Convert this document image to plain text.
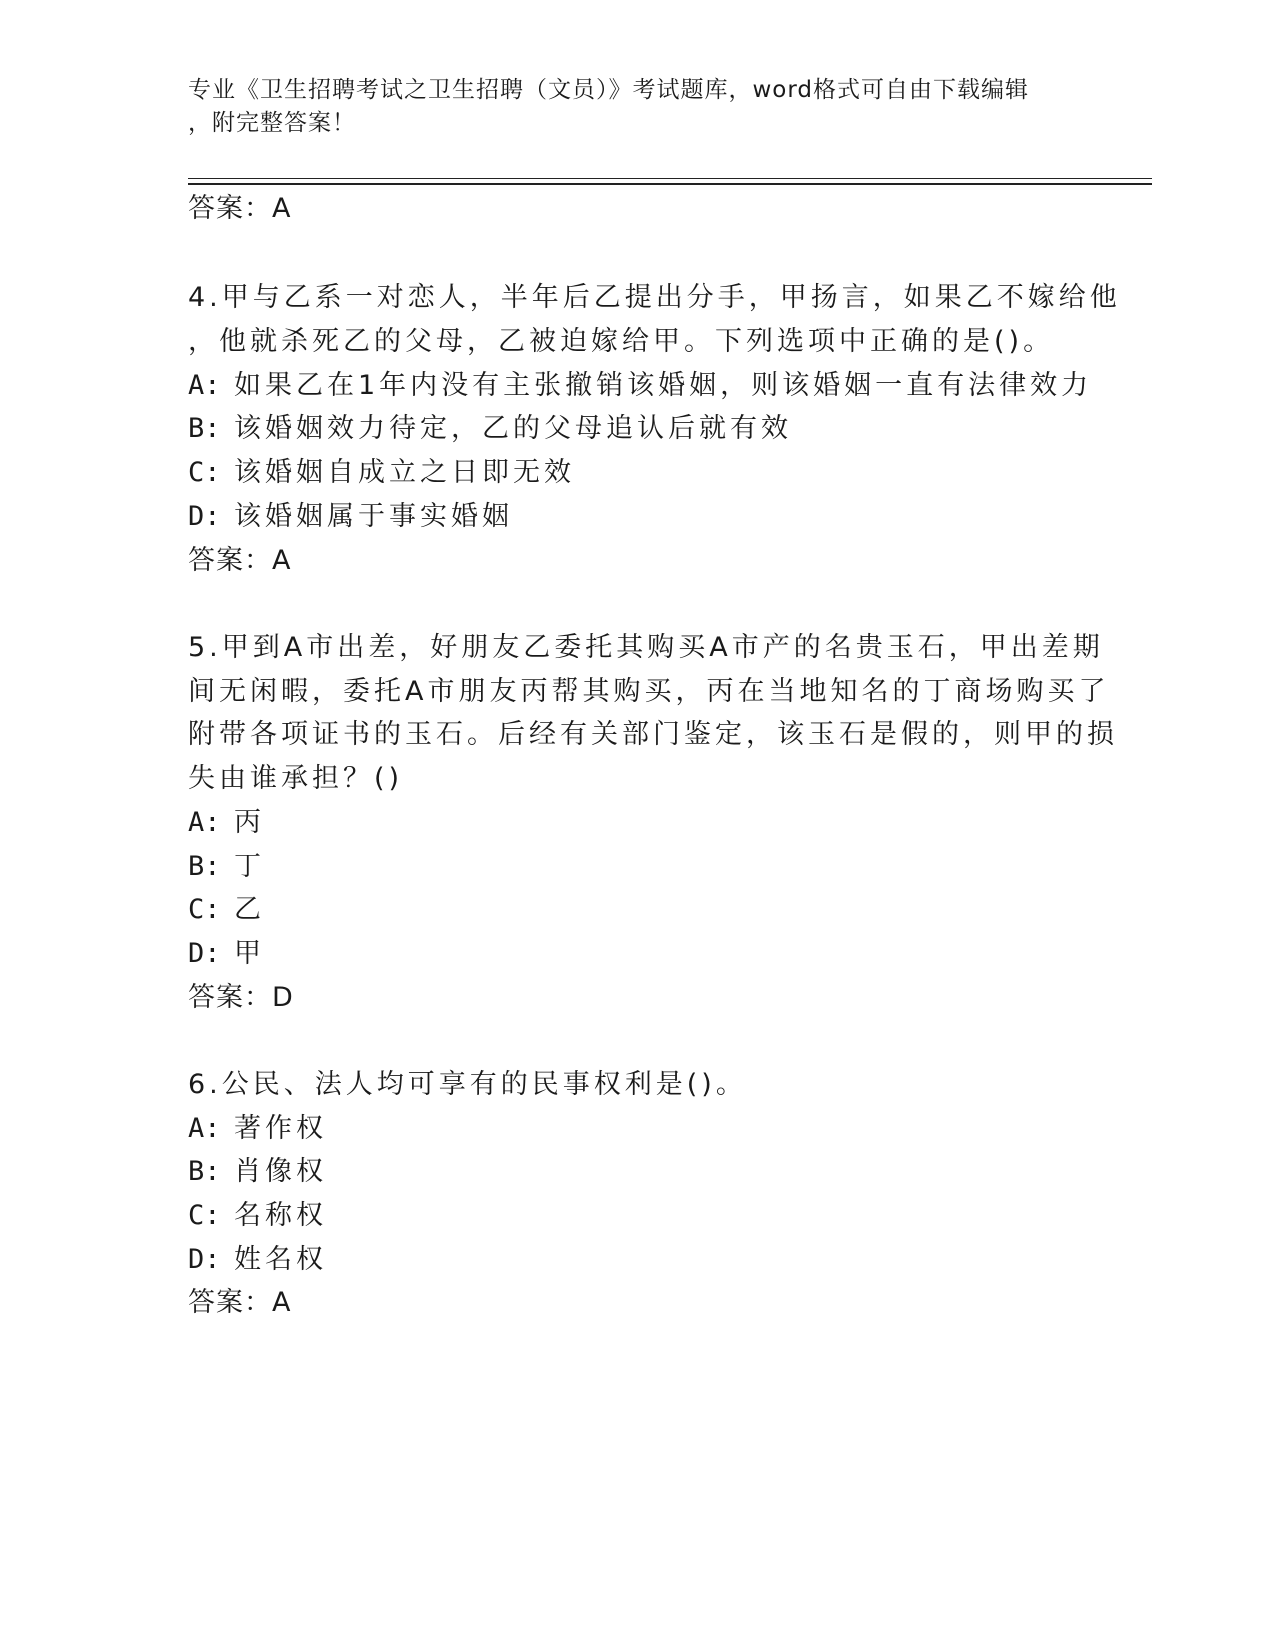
专业《卫生招聘考试之卫生招聘（文员）》考试题库，word格式可自由下载编辑
，附完整答案！
答案：A
4.甲与乙系一对恋人，半年后乙提出分手，甲扬言，如果乙不嫁给他
，他就杀死乙的父母，乙被迫嫁给甲。下列选项中正确的是()。
A: 如果乙在1年内没有主张撤销该婚姻，则该婚姻一直有法律效力
B: 该婚姻效力待定，乙的父母追认后就有效
C: 该婚姻自成立之日即无效
D: 该婚姻属于事实婚姻
答案：A
5.甲到A市出差，好朋友乙委托其购买A市产的名贵玉石，甲出差期
间无闲暇，委托A市朋友丙帮其购买，丙在当地知名的丁商场购买了
附带各项证书的玉石。后经有关部门鉴定，该玉石是假的，则甲的损
失由谁承担？()
A: 丙
B: 丁
C: 乙
D: 甲
答案：D
6.公民、法人均可享有的民事权利是()。
A: 著作权
B: 肖像权
C: 名称权
D: 姓名权
答案：A
